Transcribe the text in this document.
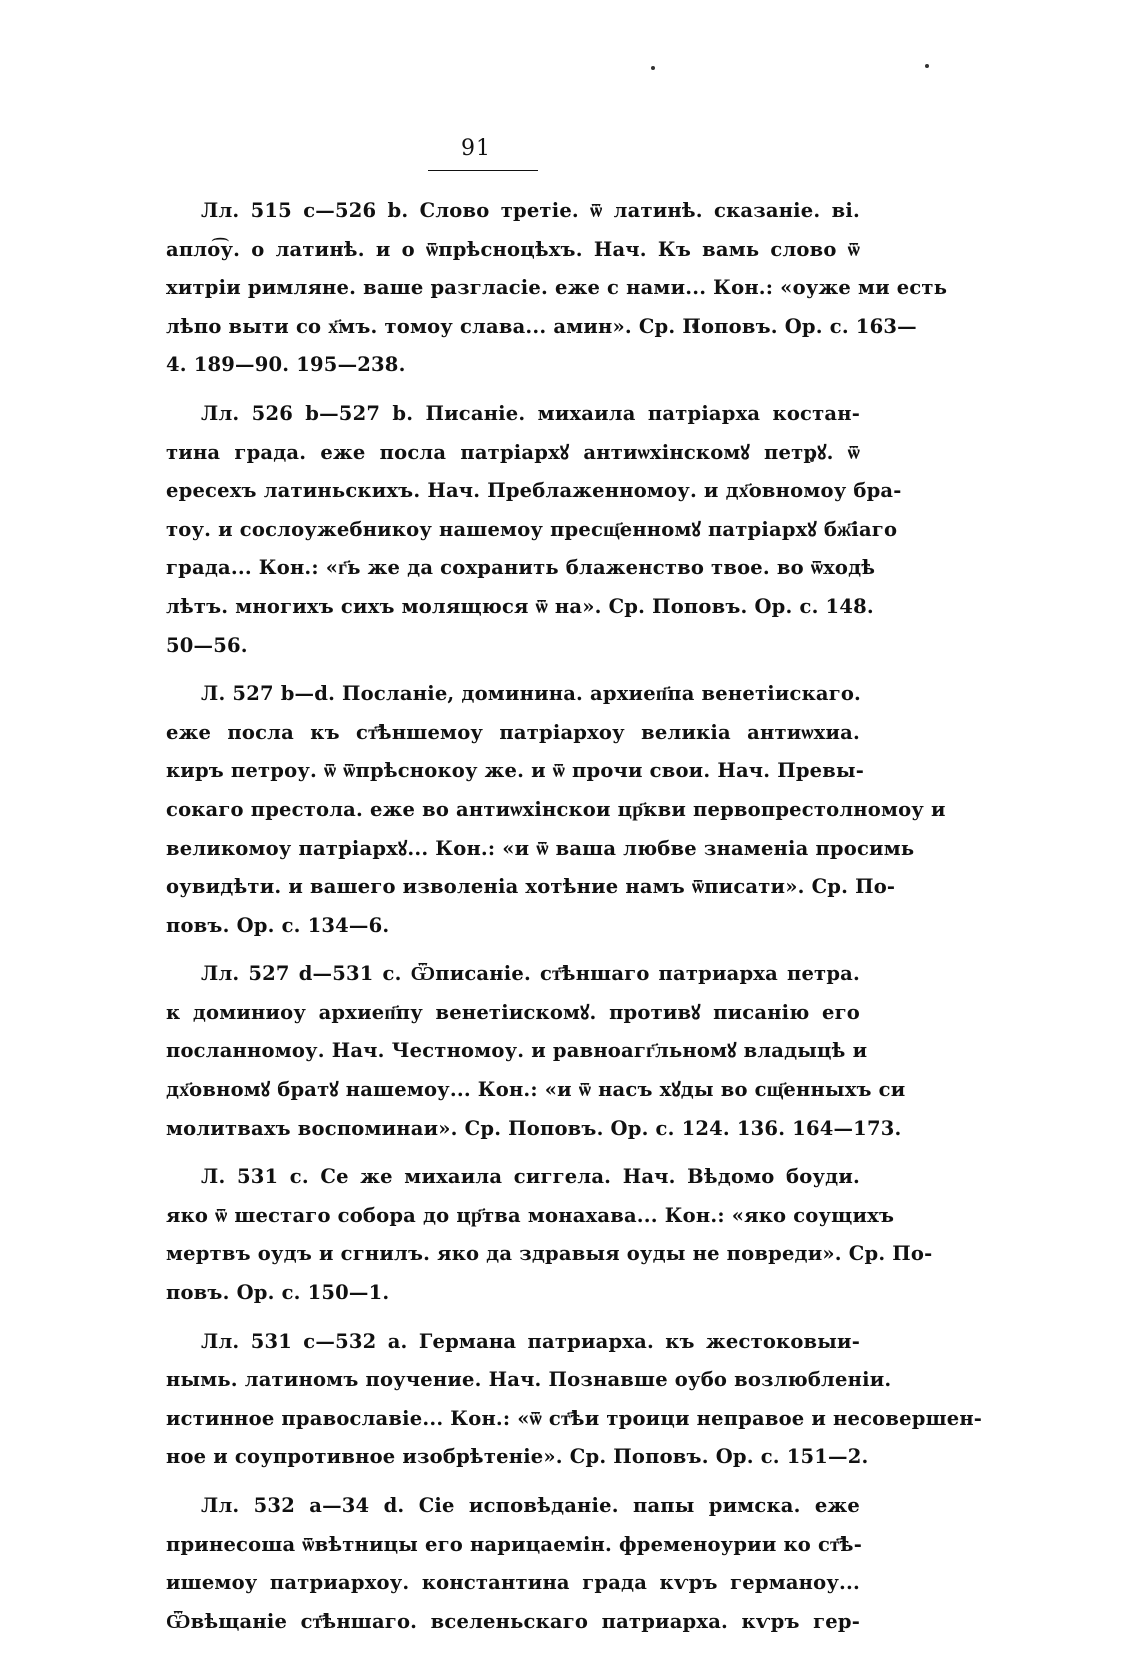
91
Лл. 515 с—526 b. Слово третіе. ѿ латинѣ. сказаніе. ві.
апло͡у. о латинѣ. и о ѿпрѣсноцѣхъ. Нач. Къ вамь слово ѿ
хитріи римляне. ваше разгласіе. еже с нами... Кон.: «оуже ми есть
лѣпо выти со х҃мъ. томоу слава... амин». Ср. Поповъ. Ор. с. 163—
4. 189—90. 195—238.
Лл. 526 b—527 b. Писаніе. михаила патріарха костан-
тина града. еже посла патріархꙋ антиѡхінскомꙋ петрꙋ. ѿ
ересехъ латиньскихъ. Нач. Преблаженномоу. и дх҃овномоу бра-
тоу. и сослоужебникоу нашемоу пресщ҃енномꙋ патріархꙋ бж҃іаго
града... Кон.: «г҃ь же да сохранить блаженство твое. во ѿходѣ
лѣтъ. многихъ сихъ молящюся ѿ на». Ср. Поповъ. Ор. с. 148.
50—56.
Л. 527 b—d. Посланіе, доминина. архиеп҃па венетіискаго.
еже посла къ ст҃ѣншемоу патріархоу великіа антиѡхиа.
киръ петроу. ѿ ѿпрѣснокоу же. и ѿ прочи свои. Нач. Превы-
сокаго престола. еже во антиѡхінскои цр҃кви первопрестолномоу и
великомоу патріархꙋ... Кон.: «и ѿ ваша любве знаменіа просимь
оувидѣти. и вашего изволеніа хотѣние намъ ѿписати». Ср. По-
повъ. Ор. с. 134—6.
Лл. 527 d—531 с. Ѿписаніе. ст҃ѣншаго патриарха петра.
к доминиоу архиеп҃пу венетіискомꙋ. противꙋ писанію его
посланномоу. Нач. Честномоу. и равноагг҃льномꙋ владыцѣ и
дх҃овномꙋ братꙋ нашемоу... Кон.: «и ѿ насъ хꙋды во сщ҃енныхъ си
молитвахъ воспоминаи». Ср. Поповъ. Ор. с. 124. 136. 164—173.
Л. 531 с. Се же михаила сиггела. Нач. Вѣдомо боуди.
яко ѿ шестаго собора до цр҃тва монахава... Кон.: «яко соущихъ
мертвъ оудъ и сгнилъ. яко да здравыя оуды не повреди». Ср. По-
повъ. Ор. с. 150—1.
Лл. 531 с—532 а. Германа патриарха. къ жестоковыи-
нымь. латиномъ поучение. Нач. Познавше оубо возлюбленіи.
истинное православіе... Кон.: «ѿ ст҃ѣи троици неправое и несовершен-
ное и соупротивное изобрѣтеніе». Ср. Поповъ. Ор. с. 151—2.
Лл. 532 а—34 d. Сіе исповѣданіе. папы римска. еже
принесоша ѿвѣтницы его нарицаемін. фременоурии ко ст҃ѣ-
ишемоу патриархоу. константина града кѵръ германоу...
Ѿвѣщаніе ст҃ѣншаго. вселеньскаго патриарха. кѵръ гер-
